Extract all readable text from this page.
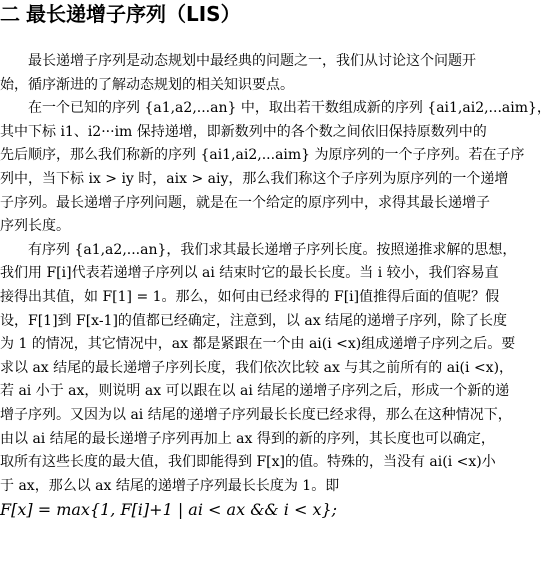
二 最长递增子序列（LIS）
最长递增子序列是动态规划中最经典的问题之一，我们从讨论这个问题开
始，循序渐进的了解动态规划的相关知识要点。
在一个已知的序列 {a1,a2,...an} 中，取出若干数组成新的序列 {ai1,ai2,...aim}，
其中下标 i1、i2···im 保持递增，即新数列中的各个数之间依旧保持原数列中的
先后顺序，那么我们称新的序列 {ai1,ai2,...aim} 为原序列的一个子序列。若在子序
列中，当下标 ix > iy 时，aix > aiy，那么我们称这个子序列为原序列的一个递增
子序列。最长递增子序列问题，就是在一个给定的原序列中，求得其最长递增子
序列长度。
有序列 {a1,a2,...an}，我们求其最长递增子序列长度。按照递推求解的思想，
我们用 F[i]代表若递增子序列以 ai 结束时它的最长长度。当 i 较小，我们容易直
接得出其值，如 F[1] = 1。那么，如何由已经求得的 F[i]值推得后面的值呢？假
设，F[1]到 F[x-1]的值都已经确定，注意到，以 ax 结尾的递增子序列，除了长度
为 1 的情况，其它情况中，ax 都是紧跟在一个由 ai(i <x)组成递增子序列之后。要
求以 ax 结尾的最长递增子序列长度，我们依次比较 ax 与其之前所有的 ai(i <x)，
若 ai 小于 ax，则说明 ax 可以跟在以 ai 结尾的递增子序列之后，形成一个新的递
增子序列。又因为以 ai 结尾的递增子序列最长长度已经求得，那么在这种情况下，
由以 ai 结尾的最长递增子序列再加上 ax 得到的新的序列，其长度也可以确定，
取所有这些长度的最大值，我们即能得到 F[x]的值。特殊的，当没有 ai(i <x)小
于 ax，那么以 ax 结尾的递增子序列最长长度为 1。即
F[x] = max{1, F[i]+1 | ai < ax && i < x};
